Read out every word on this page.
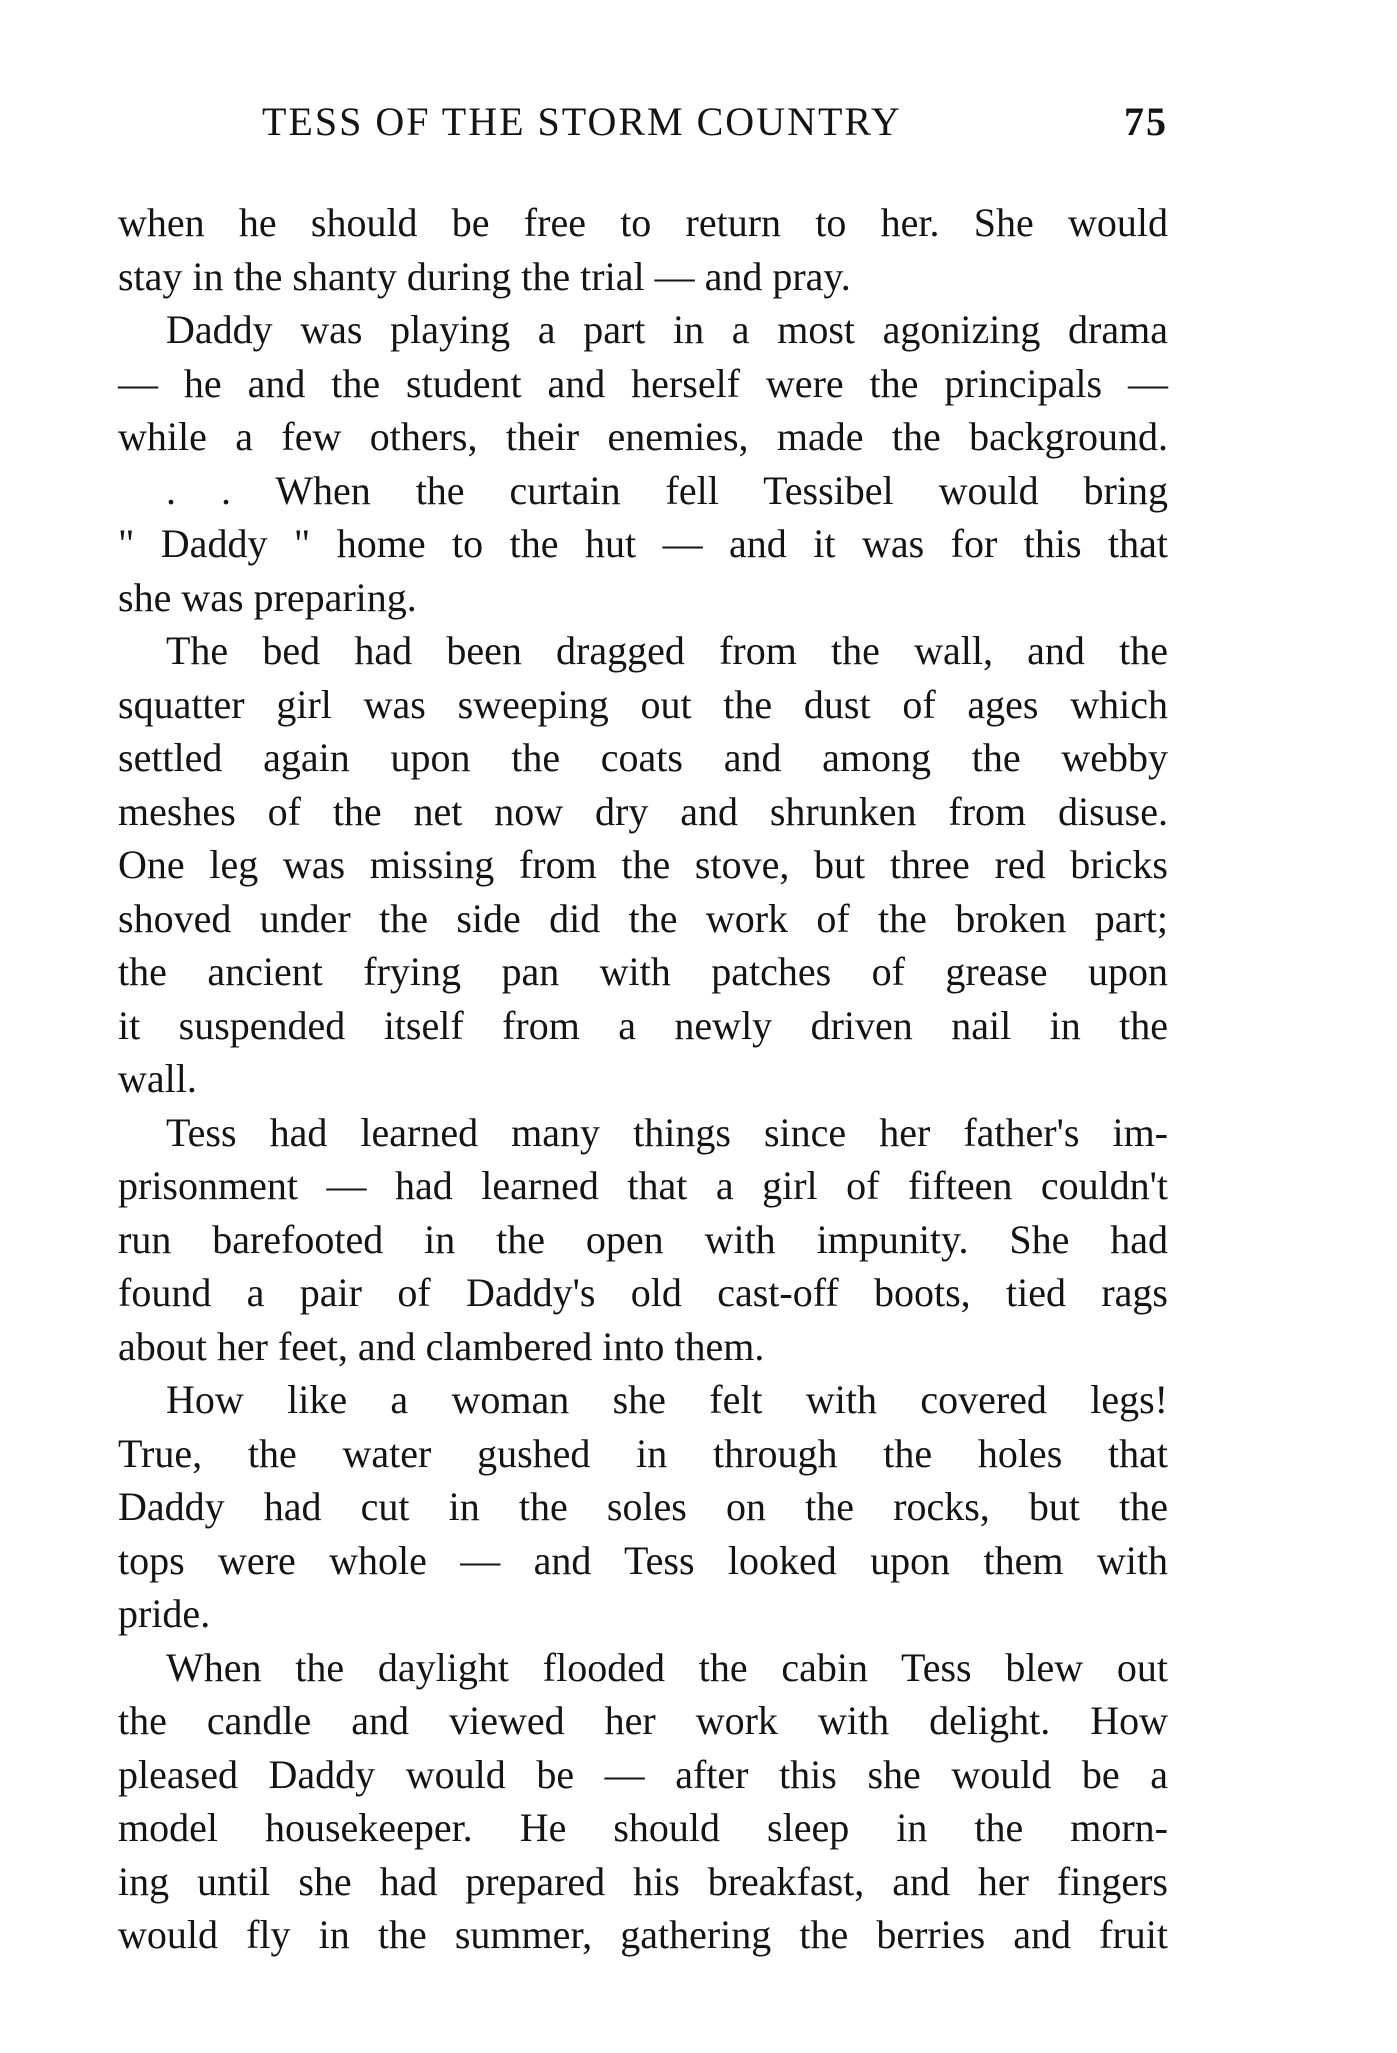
TESS OF THE STORM COUNTRY	75
when he should be free to return to her. She would
stay in the shanty during the trial — and pray.
Daddy was playing a part in a most agonizing drama
— he and the student and herself were the principals —
while a few others, their enemies, made the background.
. . When the curtain fell Tessibel would bring
" Daddy " home to the hut — and it was for this that
she was preparing.
The bed had been dragged from the wall, and the
squatter girl was sweeping out the dust of ages which
settled again upon the coats and among the webby
meshes of the net now dry and shrunken from disuse.
One leg was missing from the stove, but three red bricks
shoved under the side did the work of the broken part;
the ancient frying pan with patches of grease upon
it suspended itself from a newly driven nail in the
wall.
Tess had learned many things since her father's im-
prisonment — had learned that a girl of fifteen couldn't
run barefooted in the open with impunity. She had
found a pair of Daddy's old cast-off boots, tied rags
about her feet, and clambered into them.
How like a woman she felt with covered legs!
True, the water gushed in through the holes that
Daddy had cut in the soles on the rocks, but the
tops were whole — and Tess looked upon them with
pride.
When the daylight flooded the cabin Tess blew out
the candle and viewed her work with delight. How
pleased Daddy would be — after this she would be a
model housekeeper. He should sleep in the morn-
ing until she had prepared his breakfast, and her fingers
would fly in the summer, gathering the berries and fruit
